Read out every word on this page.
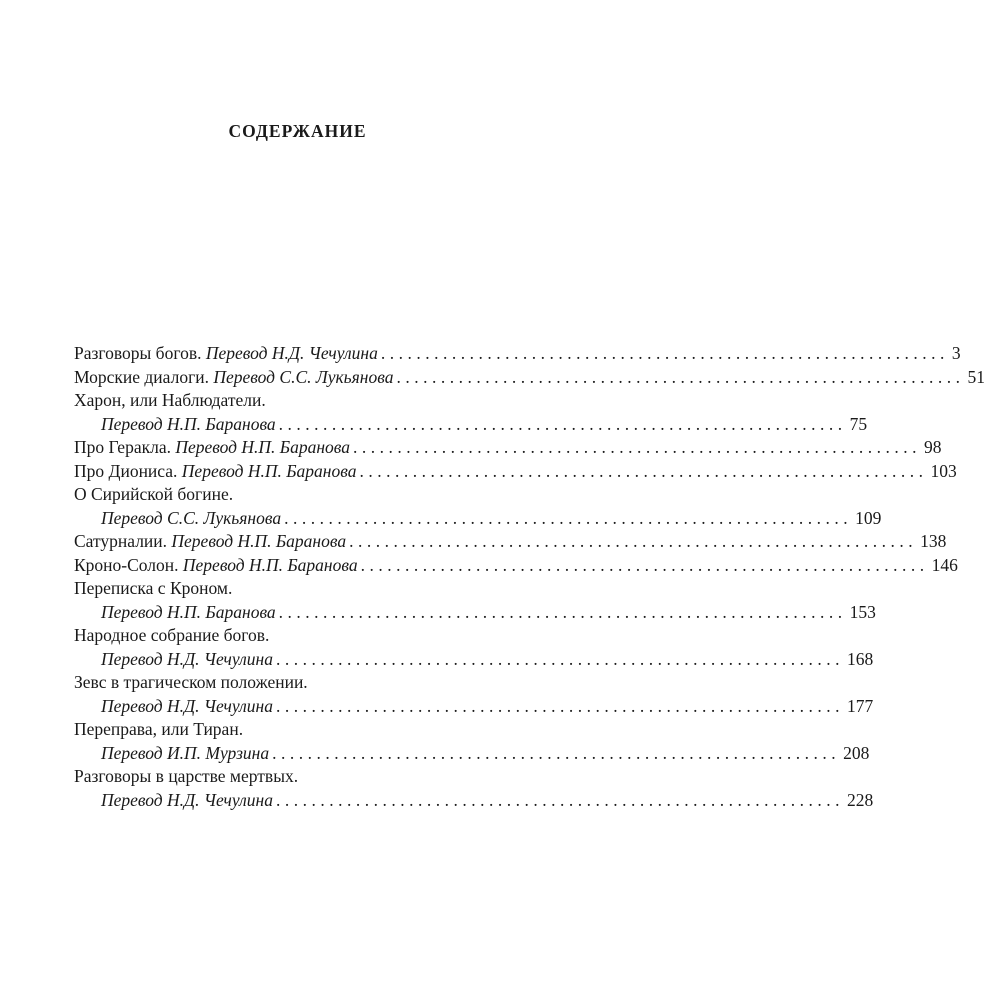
СОДЕРЖАНИЕ
Разговоры богов. Перевод Н.Д. Чечулина ................................................................ 3
Морские диалоги. Перевод С.С. Лукьянова ................................................................ 51
Харон, или Наблюдатели.
Перевод Н.П. Баранова ................................................................ 75
Про Геракла. Перевод Н.П. Баранова ................................................................ 98
Про Диониса. Перевод Н.П. Баранова ................................................................ 103
О Сирийской богине.
Перевод С.С. Лукьянова ................................................................ 109
Сатурналии. Перевод Н.П. Баранова ................................................................ 138
Кроно-Солон. Перевод Н.П. Баранова ................................................................ 146
Переписка с Кроном.
Перевод Н.П. Баранова ................................................................ 153
Народное собрание богов.
Перевод Н.Д. Чечулина ................................................................ 168
Зевс в трагическом положении.
Перевод Н.Д. Чечулина ................................................................ 177
Переправа, или Тиран.
Перевод И.П. Мурзина ................................................................ 208
Разговоры в царстве мертвых.
Перевод Н.Д. Чечулина ................................................................ 228
